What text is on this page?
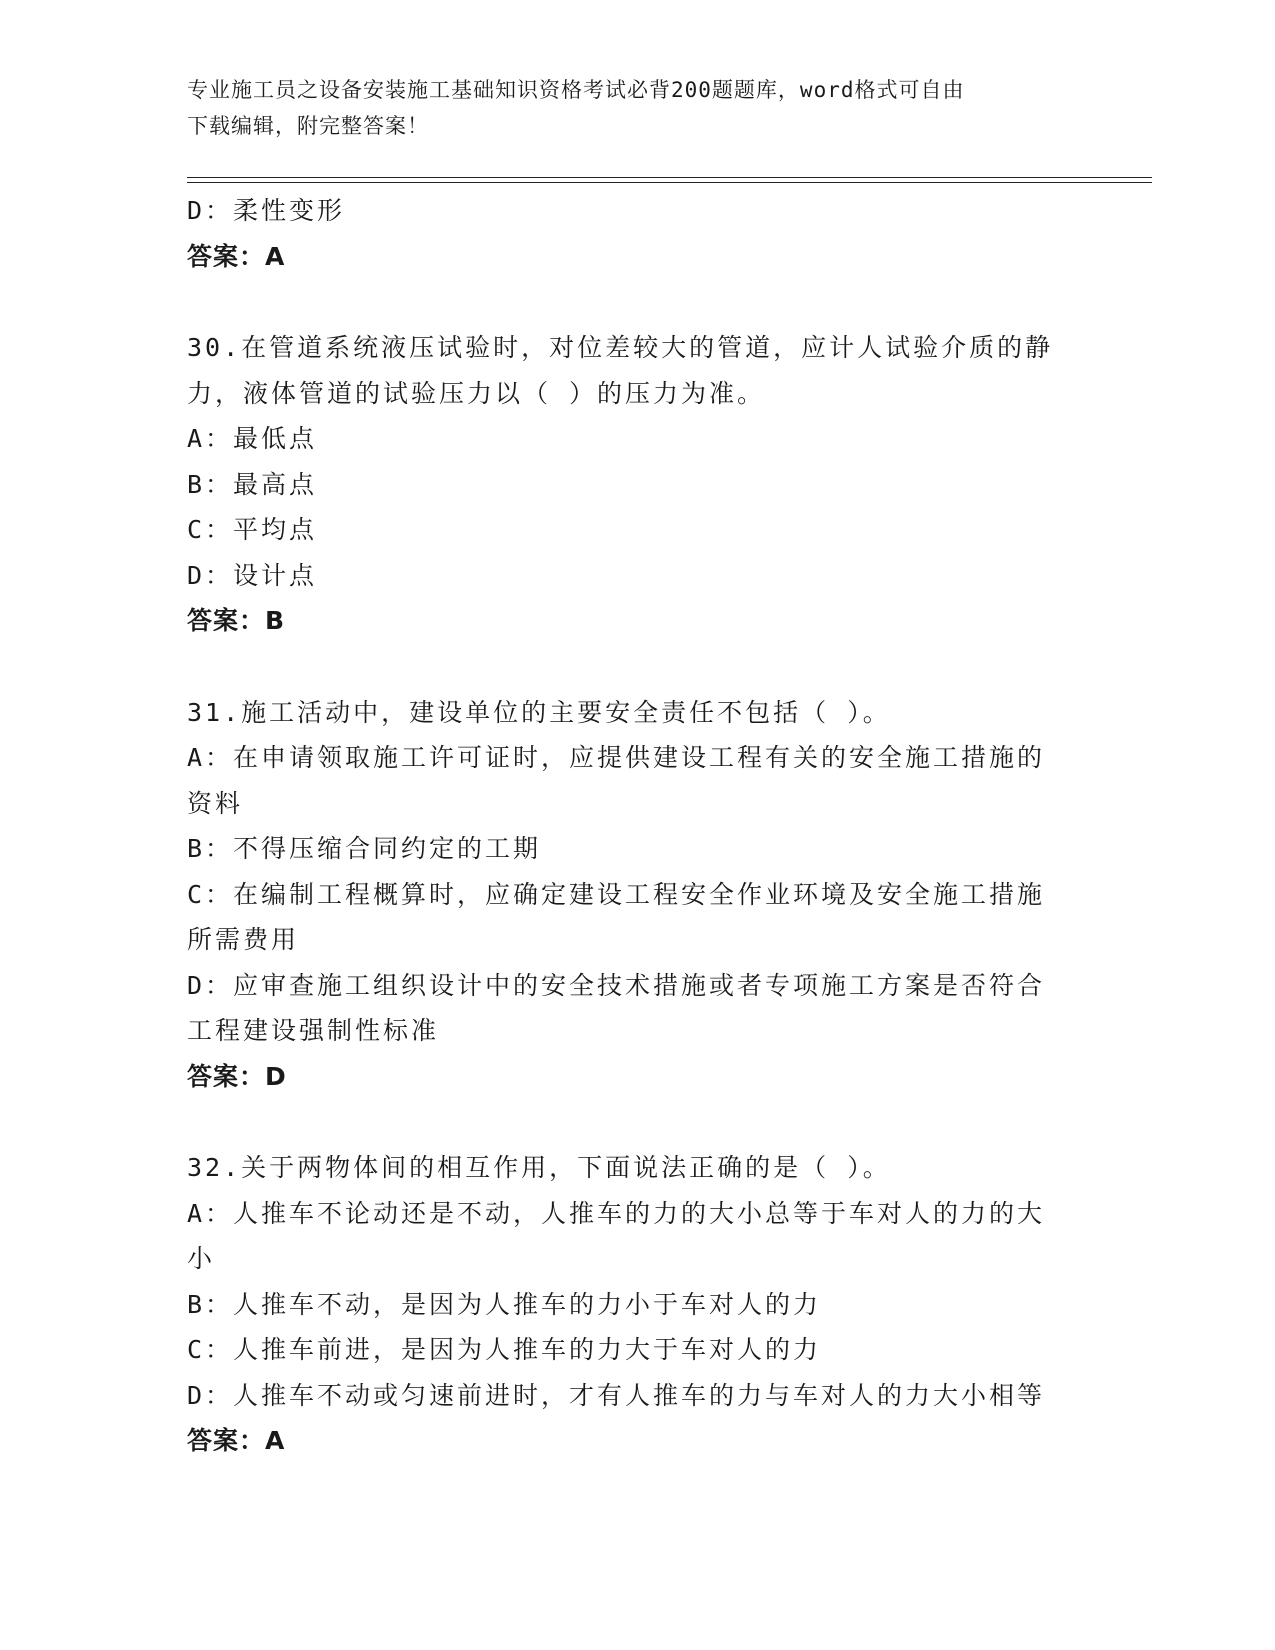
专业施工员之设备安装施工基础知识资格考试必背200题题库，word格式可自由
下载编辑，附完整答案！
D：柔性变形
答案：A
30.在管道系统液压试验时，对位差较大的管道，应计人试验介质的静
力，液体管道的试验压力以（ ）的压力为准。
A：最低点
B：最高点
C：平均点
D：设计点
答案：B
31.施工活动中，建设单位的主要安全责任不包括（ ）。
A：在申请领取施工许可证时，应提供建设工程有关的安全施工措施的
资料
B：不得压缩合同约定的工期
C：在编制工程概算时，应确定建设工程安全作业环境及安全施工措施
所需费用
D：应审查施工组织设计中的安全技术措施或者专项施工方案是否符合
工程建设强制性标准
答案：D
32.关于两物体间的相互作用，下面说法正确的是（ ）。
A：人推车不论动还是不动，人推车的力的大小总等于车对人的力的大
小
B：人推车不动，是因为人推车的力小于车对人的力
C：人推车前进，是因为人推车的力大于车对人的力
D：人推车不动或匀速前进时，才有人推车的力与车对人的力大小相等
答案：A
